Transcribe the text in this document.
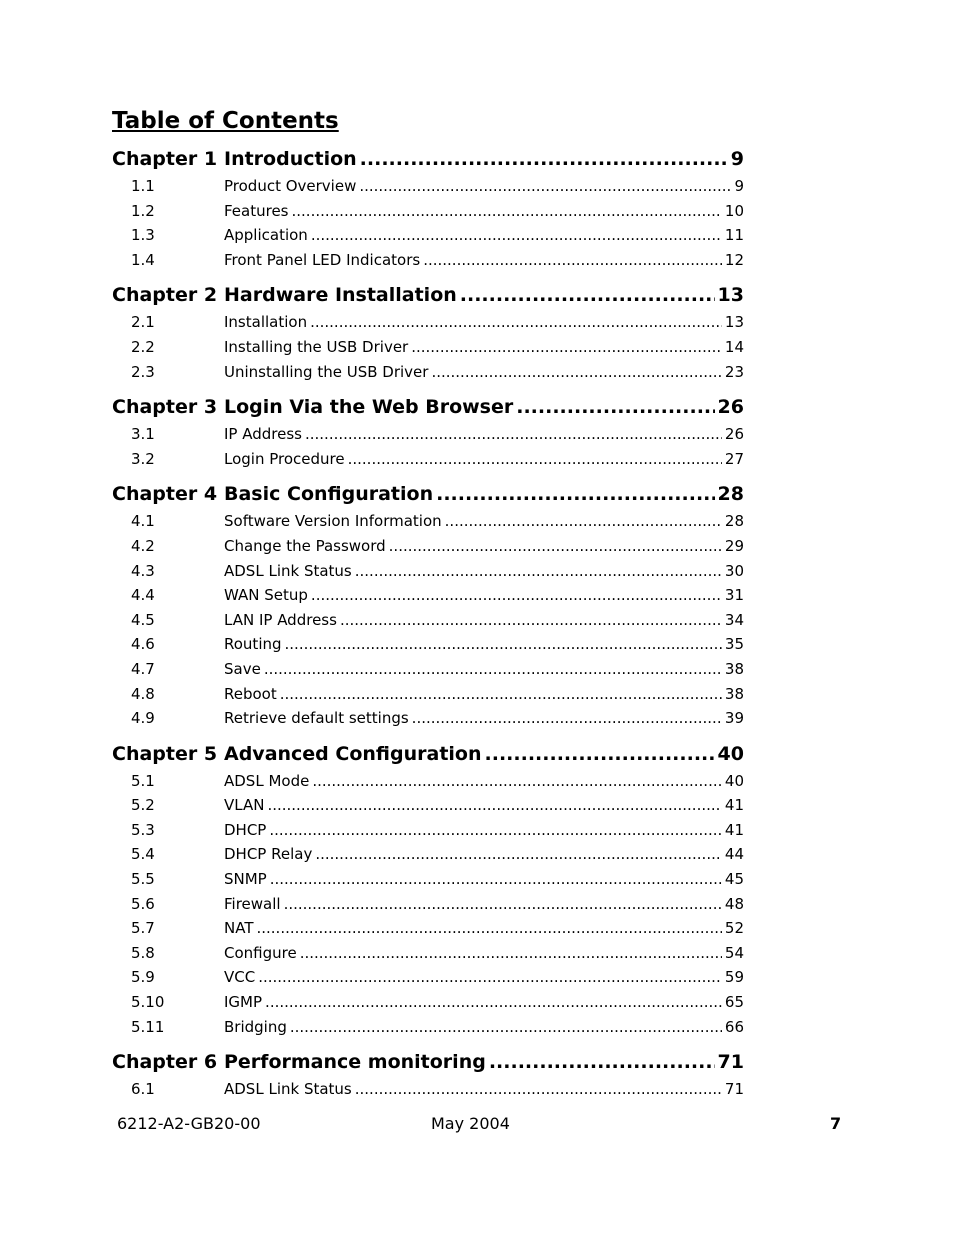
Table of Contents
Chapter 1 Introduction .....	9
1.1	Product Overview .....	9
1.2	Features .....	10
1.3	Application .....	11
1.4	Front Panel LED Indicators .....	12
Chapter 2 Hardware Installation .....	13
2.1	Installation .....	13
2.2	Installing the USB Driver .....	14
2.3	Uninstalling the USB Driver .....	23
Chapter 3 Login Via the Web Browser .....	26
3.1	IP Address .....	26
3.2	Login Procedure .....	27
Chapter 4 Basic Configuration .....	28
4.1	Software Version Information .....	28
4.2	Change the Password .....	29
4.3	ADSL Link Status .....	30
4.4	WAN Setup .....	31
4.5	LAN IP Address .....	34
4.6	Routing .....	35
4.7	Save .....	38
4.8	Reboot .....	38
4.9	Retrieve default settings .....	39
Chapter 5 Advanced Configuration .....	40
5.1	ADSL Mode .....	40
5.2	VLAN .....	41
5.3	DHCP .....	41
5.4	DHCP Relay .....	44
5.5	SNMP .....	45
5.6	Firewall .....	48
5.7	NAT .....	52
5.8	Configure .....	54
5.9	VCC .....	59
5.10	IGMP .....	65
5.11	Bridging .....	66
Chapter 6 Performance monitoring .....	71
6.1	ADSL Link Status .....	71
6212-A2-GB20-00	May 2004	7
